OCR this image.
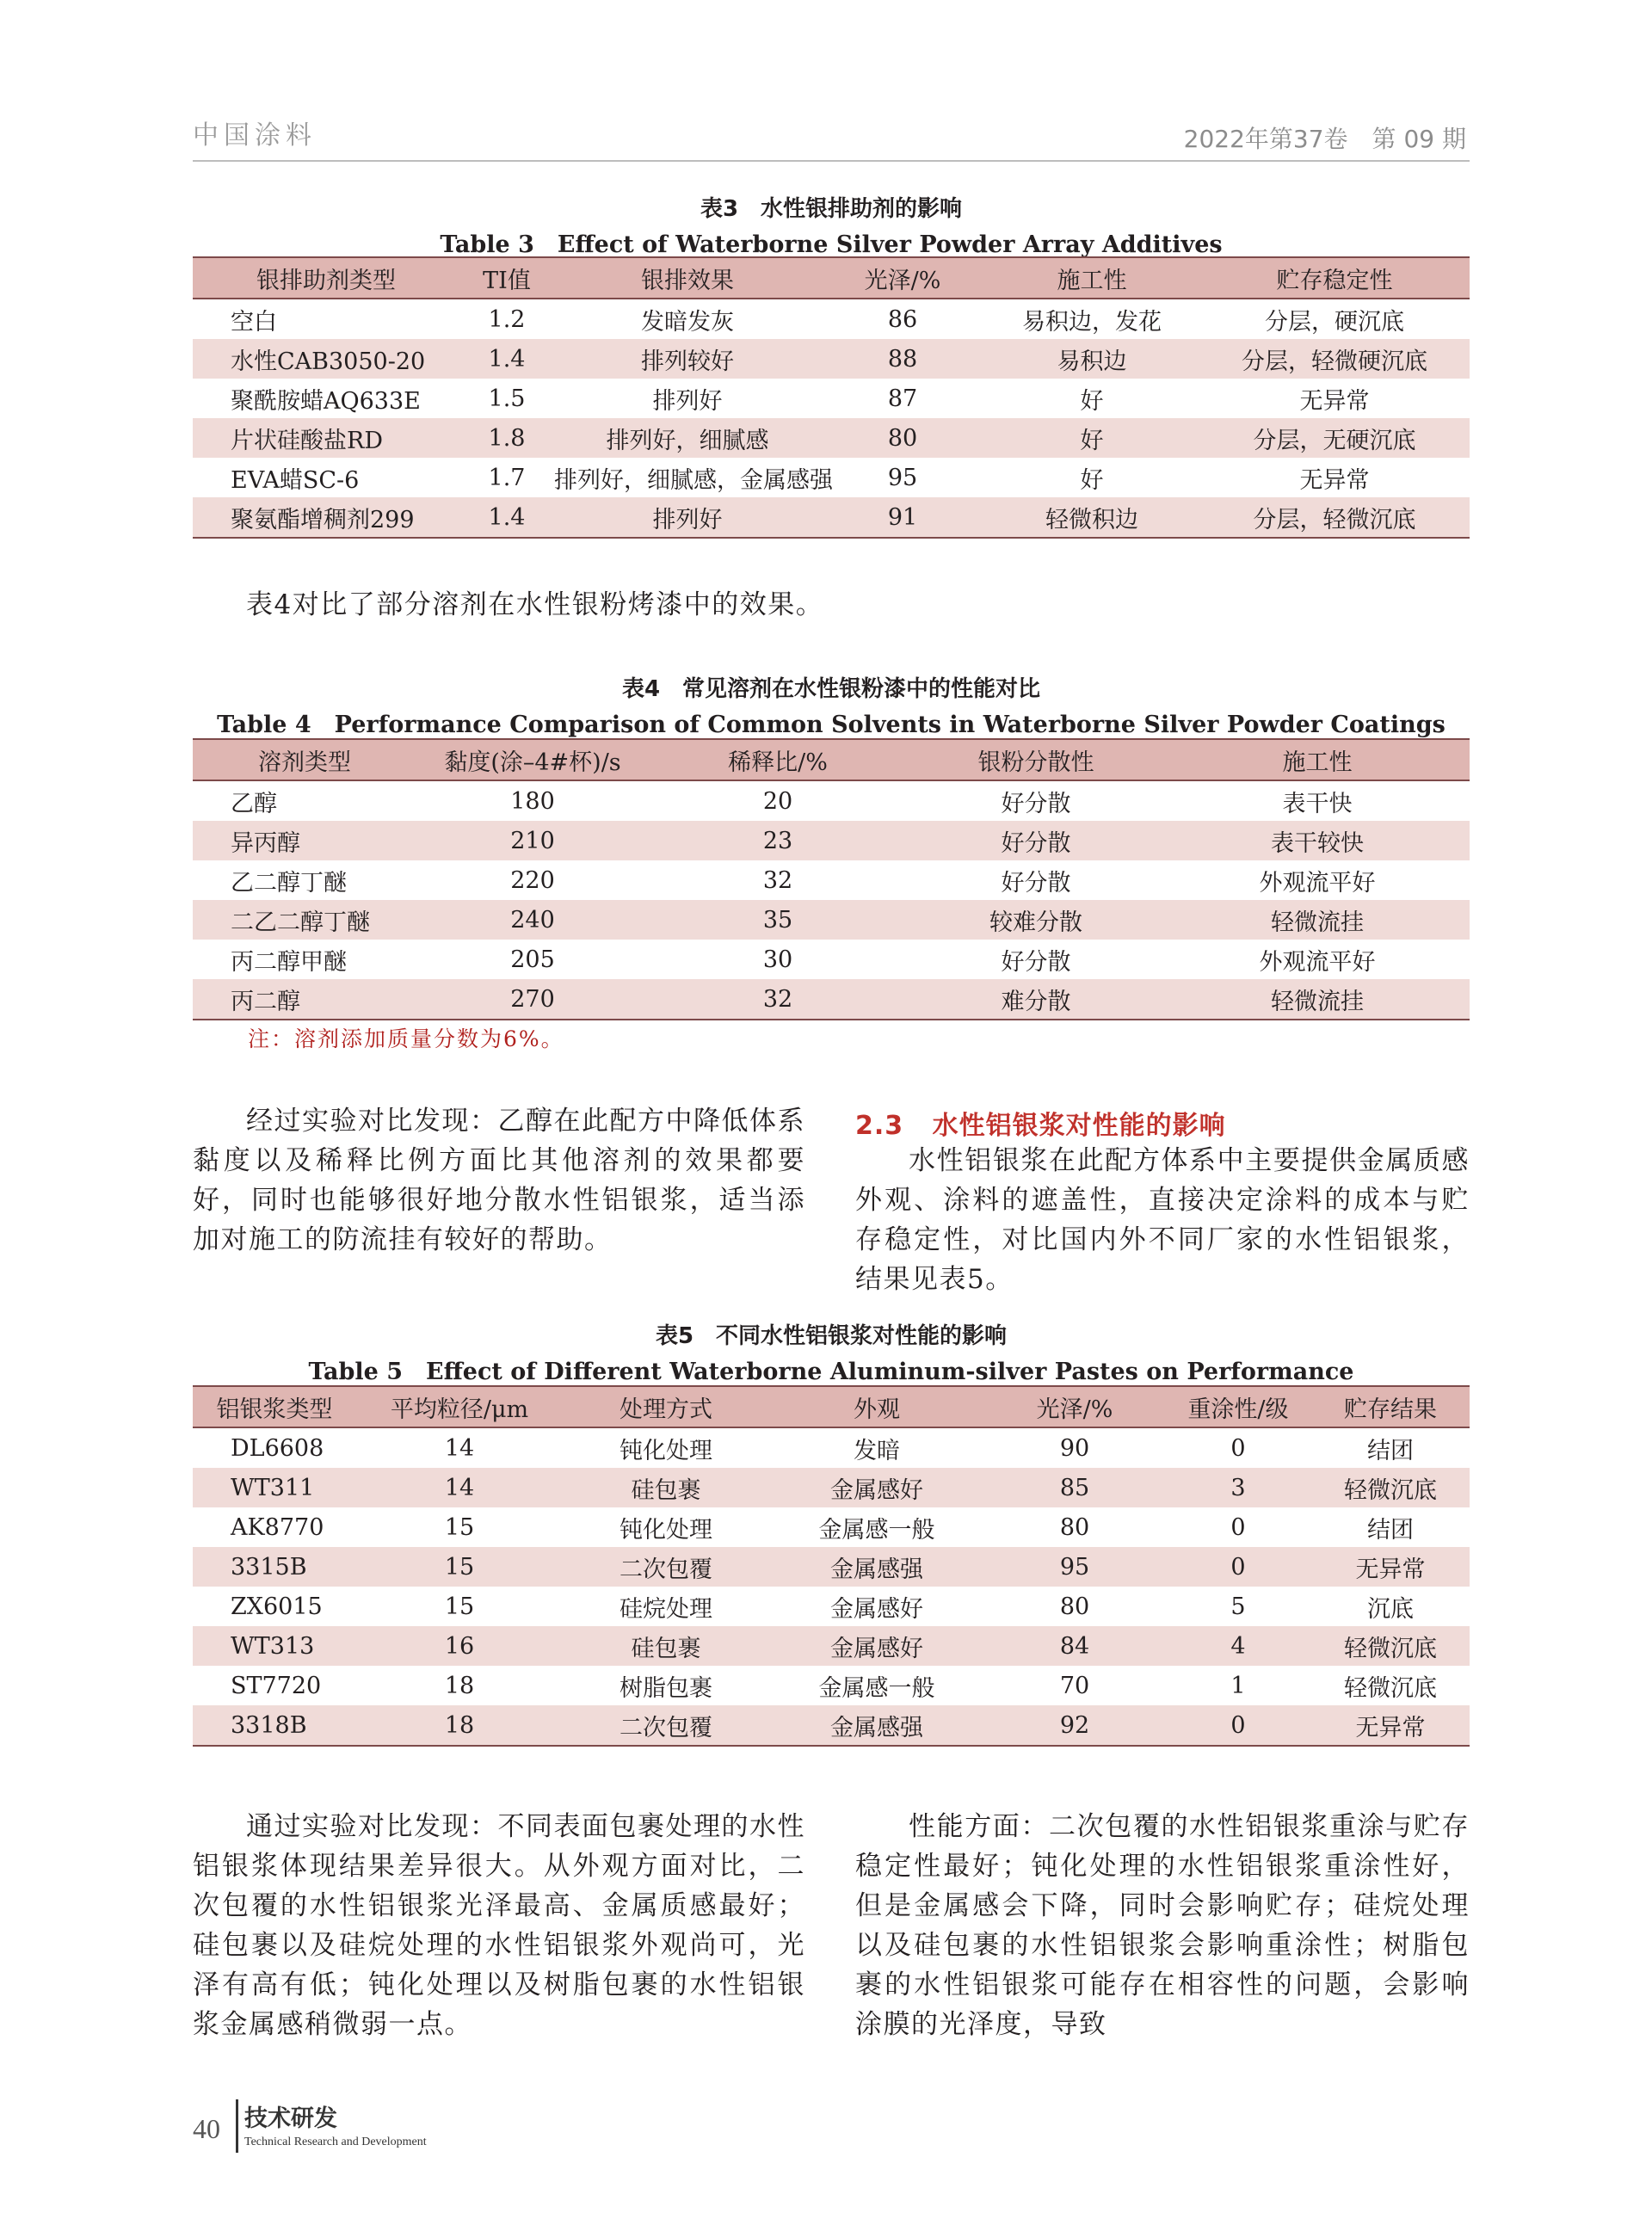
中国涂料	2022年第37卷　第 09 期
表3　水性银排助剂的影响
Table 3　Effect of Waterborne Silver Powder Array Additives
银排助剂类型	TI值	银排效果	光泽/%	施工性	贮存稳定性
空白	1.2	发暗发灰	86	易积边，发花	分层，硬沉底
水性CAB3050-20	1.4	排列较好	88	易积边	分层，轻微硬沉底
聚酰胺蜡AQ633E	1.5	排列好	87	好	无异常
片状硅酸盐RD	1.8	排列好，细腻感	80	好	分层，无硬沉底
EVA蜡SC-6	1.7	排列好，细腻感，金属感强	95	好	无异常
聚氨酯增稠剂299	1.4	排列好	91	轻微积边	分层，轻微沉底
表4对比了部分溶剂在水性银粉烤漆中的效果。
表4　常见溶剂在水性银粉漆中的性能对比
Table 4　Performance Comparison of Common Solvents in Waterborne Silver Powder Coatings
溶剂类型	黏度(涂–4#杯)/s	稀释比/%	银粉分散性	施工性
乙醇	180	20	好分散	表干快
异丙醇	210	23	好分散	表干较快
乙二醇丁醚	220	32	好分散	外观流平好
二乙二醇丁醚	240	35	较难分散	轻微流挂
丙二醇甲醚	205	30	好分散	外观流平好
丙二醇	270	32	难分散	轻微流挂
注：溶剂添加质量分数为6%。
经过实验对比发现：乙醇在此配方中降低体系黏度以及稀释比例方面比其他溶剂的效果都要好，同时也能够很好地分散水性铝银浆，适当添加对施工的防流挂有较好的帮助。
2.3 水性铝银浆对性能的影响
水性铝银浆在此配方体系中主要提供金属质感外观、涂料的遮盖性，直接决定涂料的成本与贮存稳定性，对比国内外不同厂家的水性铝银浆，结果见表5。
表5　不同水性铝银浆对性能的影响
Table 5　Effect of Different Waterborne Aluminum-silver Pastes on Performance
铝银浆类型	平均粒径/μm	处理方式	外观	光泽/%	重涂性/级	贮存结果
DL6608	14	钝化处理	发暗	90	0	结团
WT311	14	硅包裹	金属感好	85	3	轻微沉底
AK8770	15	钝化处理	金属感一般	80	0	结团
3315B	15	二次包覆	金属感强	95	0	无异常
ZX6015	15	硅烷处理	金属感好	80	5	沉底
WT313	16	硅包裹	金属感好	84	4	轻微沉底
ST7720	18	树脂包裹	金属感一般	70	1	轻微沉底
3318B	18	二次包覆	金属感强	92	0	无异常
通过实验对比发现：不同表面包裹处理的水性铝银浆体现结果差异很大。从外观方面对比，二次包覆的水性铝银浆光泽最高、金属质感最好；硅包裹以及硅烷处理的水性铝银浆外观尚可，光泽有高有低；钝化处理以及树脂包裹的水性铝银浆金属感稍微弱一点。
性能方面：二次包覆的水性铝银浆重涂与贮存稳定性最好；钝化处理的水性铝银浆重涂性好，但是金属感会下降，同时会影响贮存；硅烷处理以及硅包裹的水性铝银浆会影响重涂性；树脂包裹的水性铝银浆可能存在相容性的问题，会影响涂膜的光泽度，导致
40 技术研发
Technical Research and Development
